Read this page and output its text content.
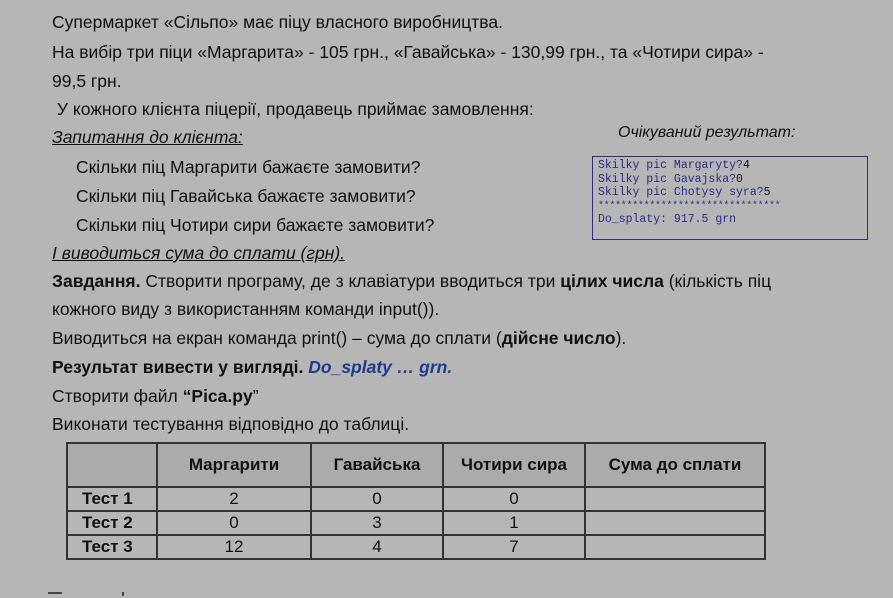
Супермаркет «Сільпо» має піцу власного виробництва.
На вибір три піци «Маргарита» - 105 грн., «Гавайська» - 130,99 грн., та «Чотири сира» -
99,5 грн.
У кожного клієнта піцерії, продавець приймає замовлення:
Запитання до клієнта:	Очікуваний результат:
Скільки піц Маргарити бажаєте замовити?
Скільки піц Гавайська бажаєте замовити?
Скільки піц Чотири сири бажаєте замовити?
Skilky pic Margaryty?4
Skilky pic Gavajska?0
Skilky pic Chotysy syra?5
********************************
Do_splaty: 917.5 grn
І виводиться сума до сплати (грн).
Завдання. Створити програму, де з клавіатури вводиться три цілих числа (кількість піц
кожного виду з використанням команди input()).
Виводиться на екран команда print() – сума до сплати (дійсне число).
Результат вивести у вигляді. Do_splaty … grn.
Створити файл “Pica.py”
Виконати тестування відповідно до таблиці.
	Маргарити	Гавайська	Чотири сира	Сума до сплати
Тест 1	2	0	0	
Тест 2	0	3	1	
Тест 3	12	4	7	
